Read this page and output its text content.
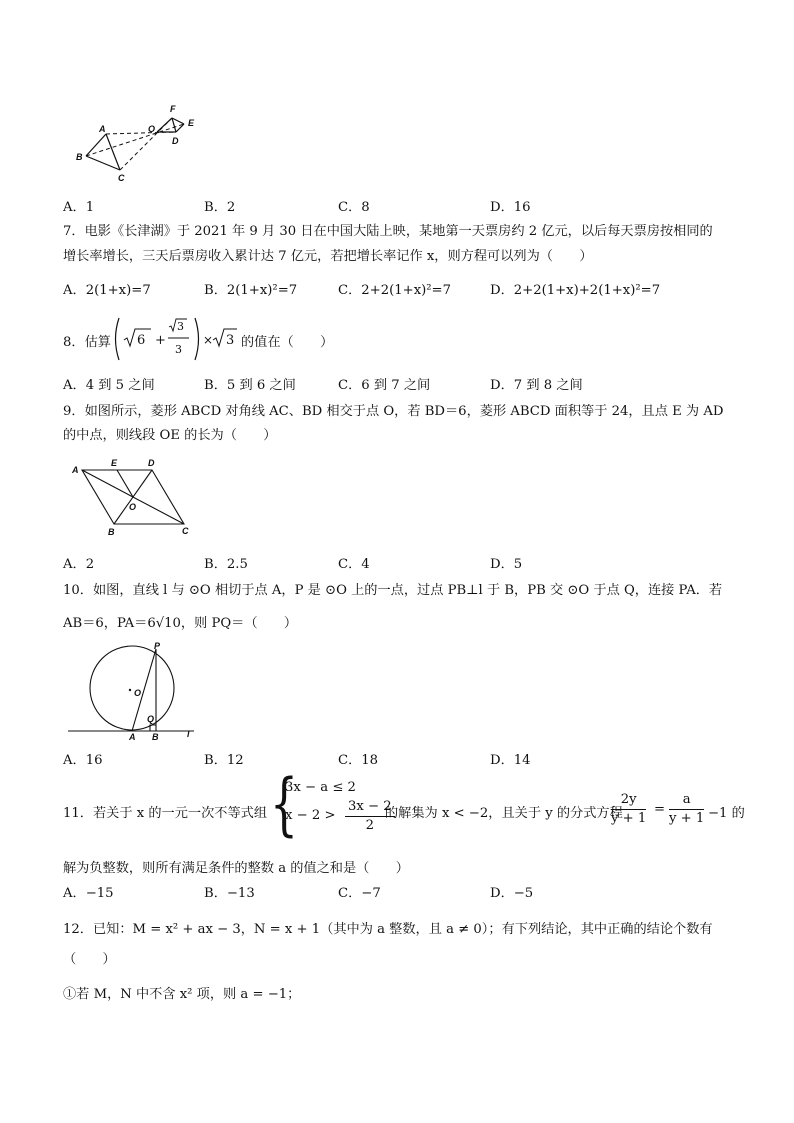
A
B
C
O
F
E
D
A．1	B．2	C．8	D．16
7．电影《长津湖》于 2021 年 9 月 30 日在中国大陆上映，某地第一天票房约 2 亿元，以后每天票房按相同的
增长率增长，三天后票房收入累计达 7 亿元，若把增长率记作 x，则方程可以列为（　　）
A．2(1+x)=7	B．2(1+x)²=7	C．2+2(1+x)²=7	D．2+2(1+x)+2(1+x)²=7
8．估算 6 +
3
3
× 3 的值在（　　）
A．4 到 5 之间	B．5 到 6 之间	C．6 到 7 之间	D．7 到 8 之间
9．如图所示，菱形 ABCD 对角线 AC、BD 相交于点 O，若 BD＝6，菱形 ABCD 面积等于 24，且点 E 为 AD
的中点，则线段 OE 的长为（　　）
A
E	D
O
B	C
A．2	B．2.5	C．4	D．5
10．如图，直线 l 与 ⊙O 相切于点 A，P 是 ⊙O 上的一点，过点 PB⊥l 于 B，PB 交 ⊙O 于点 Q，连接 PA．若
AB＝6，PA＝6√10，则 PQ＝（　　）
P
O
Q
A B	l
A．16	B．12	C．18	D．14
11．若关于 x 的一元一次不等式组 {
3x − a ≤ 2
$x - 2 > \frac{3x - 2}{2}$
的解集为 x < −2，且关于 y 的分式方程
$\frac{2y}{y + 1} = \frac{a}{y + 1} -1$ 的
解为负整数，则所有满足条件的整数 a 的值之和是（　　）
A．−15	B．−13	C．−7	D．−5
12．已知：M = x² + ax − 3，N = x + 1（其中为 a 整数，且 a ≠ 0）；有下列结论，其中正确的结论个数有
（　　）
①若 M，N 中不含 x² 项，则 a = −1；
